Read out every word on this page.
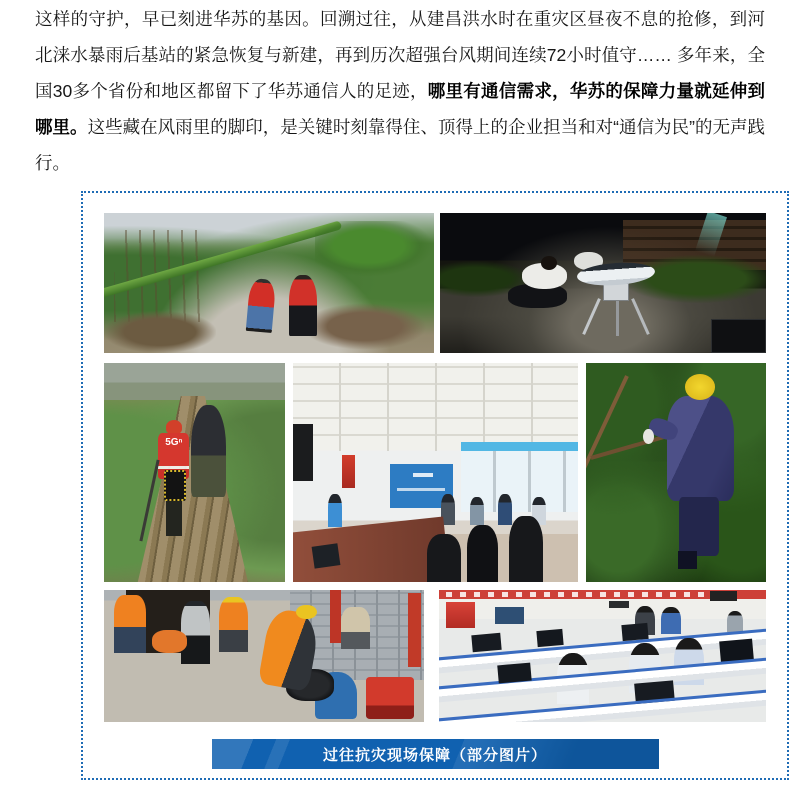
这样的守护，早已刻进华苏的基因。回溯过往，从建昌洪水时在重灾区昼夜不息的抢修，到河北涞水暴雨后基站的紧急恢复与新建，再到历次超强台风期间连续72小时值守…… 多年来，全国30多个省份和地区都留下了华苏通信人的足迹，哪里有通信需求，华苏的保障力量就延伸到哪里。这些藏在风雨里的脚印，是关键时刻靠得住、顶得上的企业担当和对“通信为民”的无声践行。

5Gⁿ
过往抗灾现场保障（部分图片）
